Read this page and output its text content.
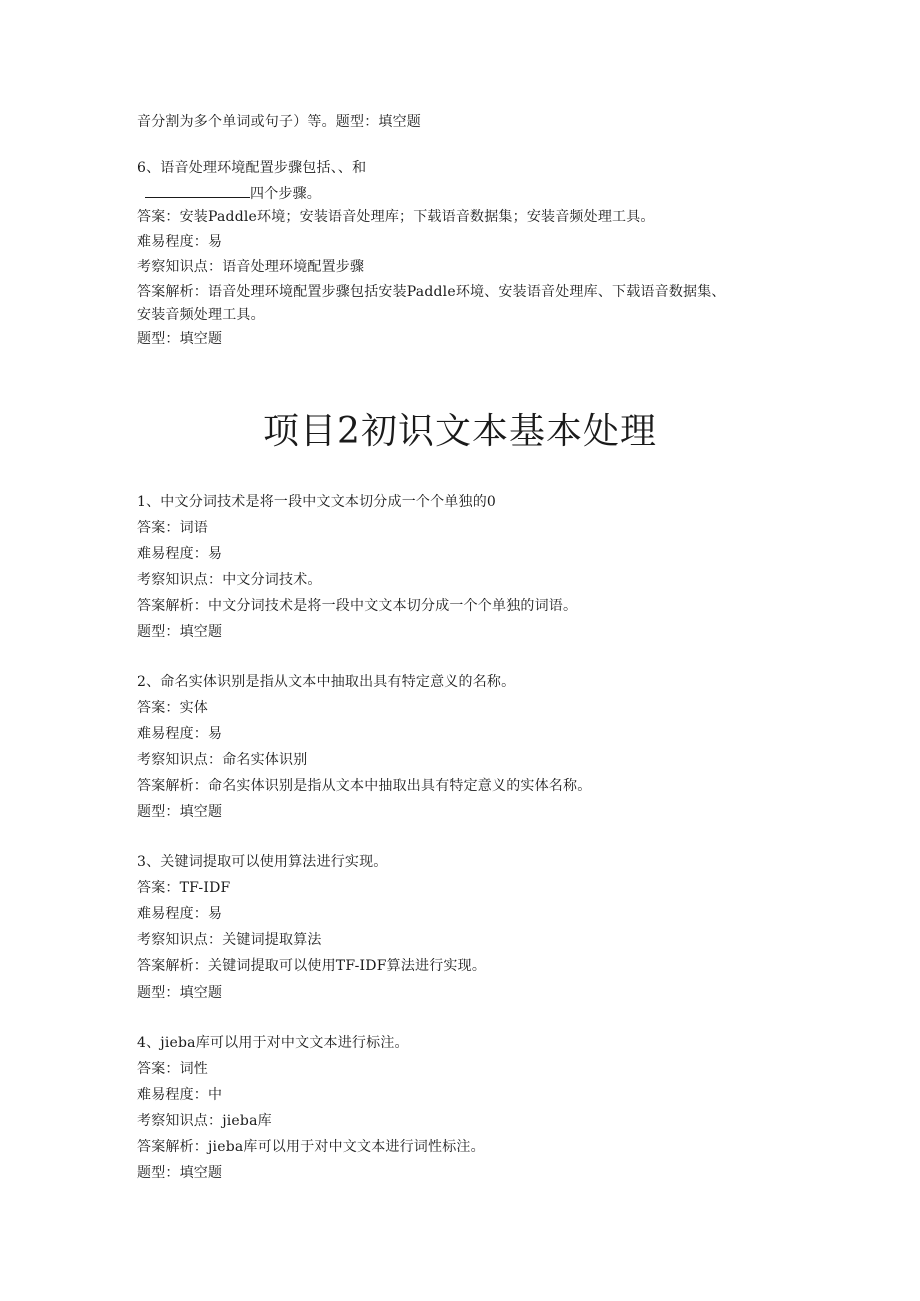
音分割为多个单词或句子）等。题型：填空题
6、语音处理环境配置步骤包括、、和
四个步骤。
答案：安装Paddle环境；安装语音处理库；下载语音数据集；安装音频处理工具。
难易程度：易
考察知识点：语音处理环境配置步骤
答案解析：语音处理环境配置步骤包括安装Paddle环境、安装语音处理库、下载语音数据集、
安装音频处理工具。
题型：填空题
项目2初识文本基本处理
1、中文分词技术是将一段中文文本切分成一个个单独的0
答案：词语
难易程度：易
考察知识点：中文分词技术。
答案解析：中文分词技术是将一段中文文本切分成一个个单独的词语。
题型：填空题
2、命名实体识别是指从文本中抽取出具有特定意义的名称。
答案：实体
难易程度：易
考察知识点：命名实体识别
答案解析：命名实体识别是指从文本中抽取出具有特定意义的实体名称。
题型：填空题
3、关键词提取可以使用算法进行实现。
答案：TF-IDF
难易程度：易
考察知识点：关键词提取算法
答案解析：关键词提取可以使用TF-IDF算法进行实现。
题型：填空题
4、jieba库可以用于对中文文本进行标注。
答案：词性
难易程度：中
考察知识点：jieba库
答案解析：jieba库可以用于对中文文本进行词性标注。
题型：填空题
